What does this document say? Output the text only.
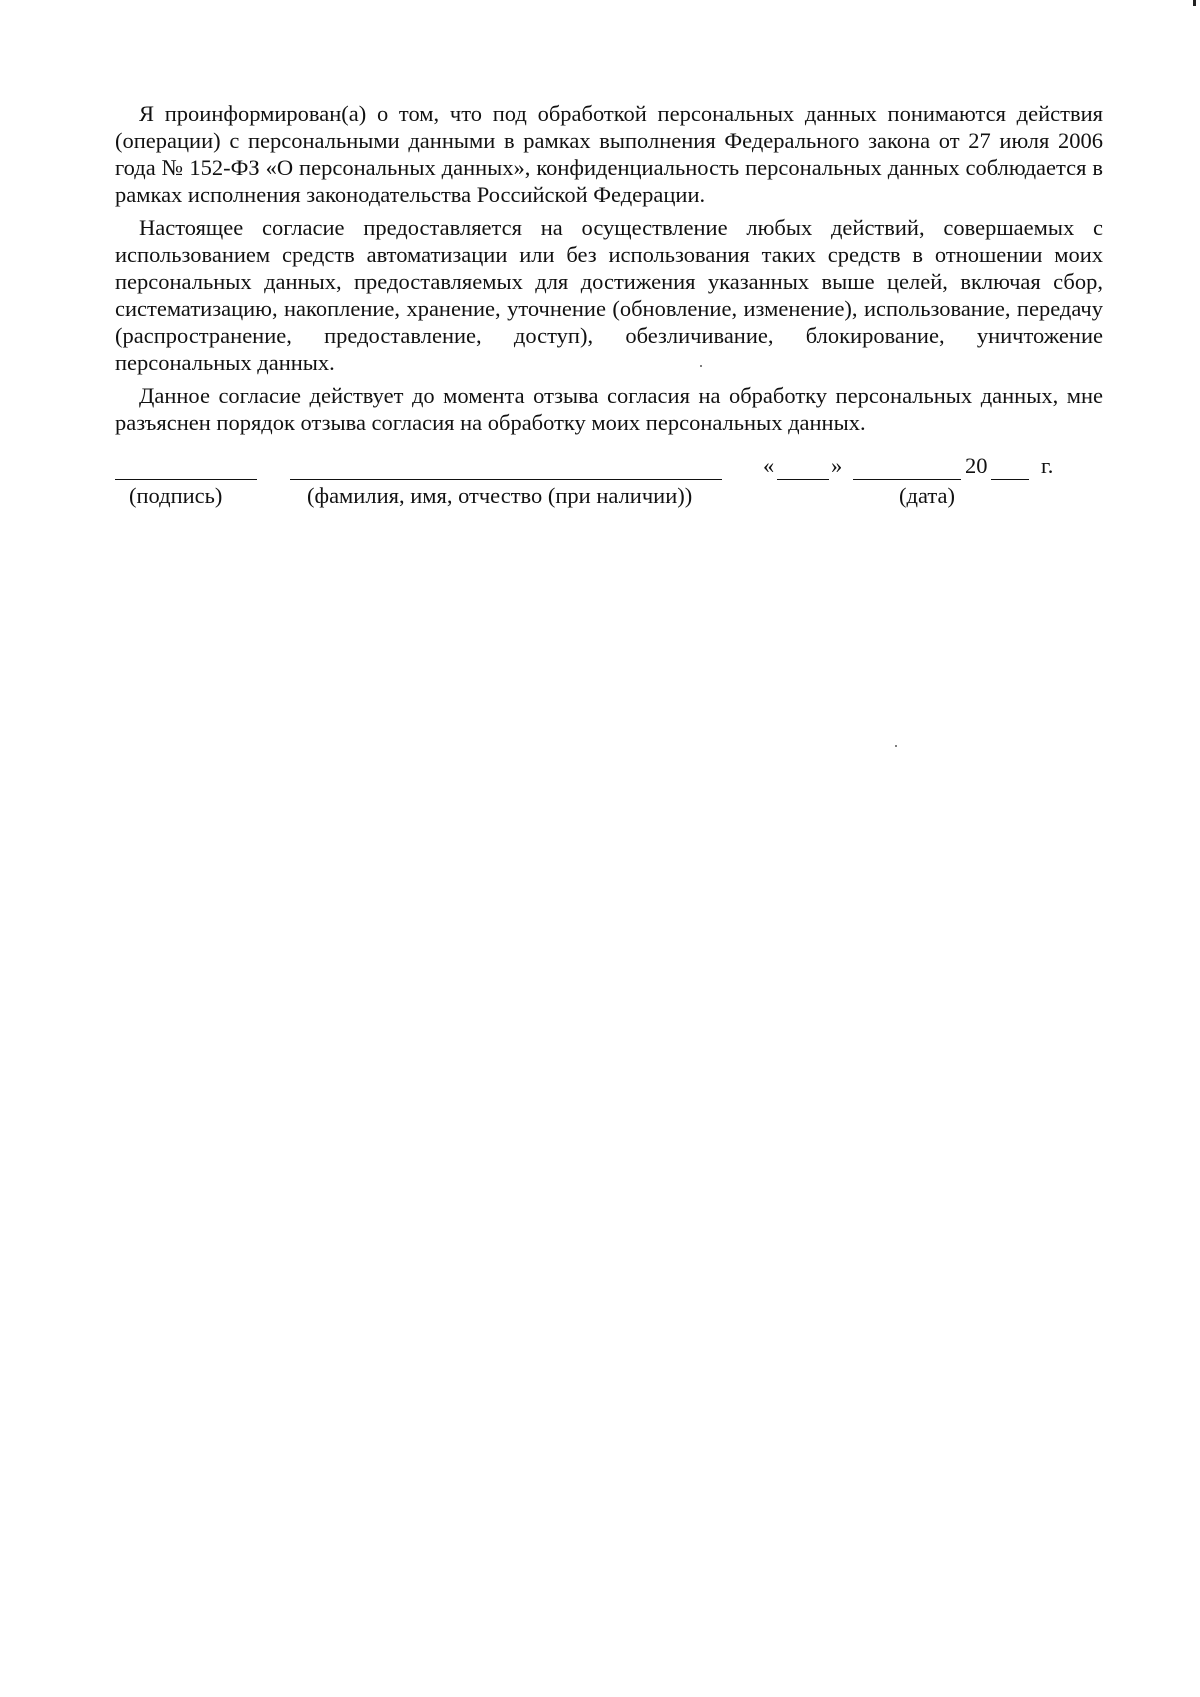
Я проинформирован(а) о том, что под обработкой персональных данных понимаются действия (операции) с персональными данными в рамках выполнения Федерального закона от 27 июля 2006 года № 152-ФЗ «О персональных данных», конфиденциальность персональных данных соблюдается в рамках исполнения законодательства Российской Федерации.

Настоящее согласие предоставляется на осуществление любых действий, совершаемых с использованием средств автоматизации или без использования таких средств в отношении моих персональных данных, предоставляемых для достижения указанных выше целей, включая сбор, систематизацию, накопление, хранение, уточнение (обновление, изменение), использование, передачу (распространение, предоставление, доступ), обезличивание, блокирование, уничтожение персональных данных.

Данное согласие действует до момента отзыва согласия на обработку персональных данных, мне разъяснен порядок отзыва согласия на обработку моих персональных данных.

(подпись)	(фамилия, имя, отчество (при наличии))
«	»	20 г.
(дата)
